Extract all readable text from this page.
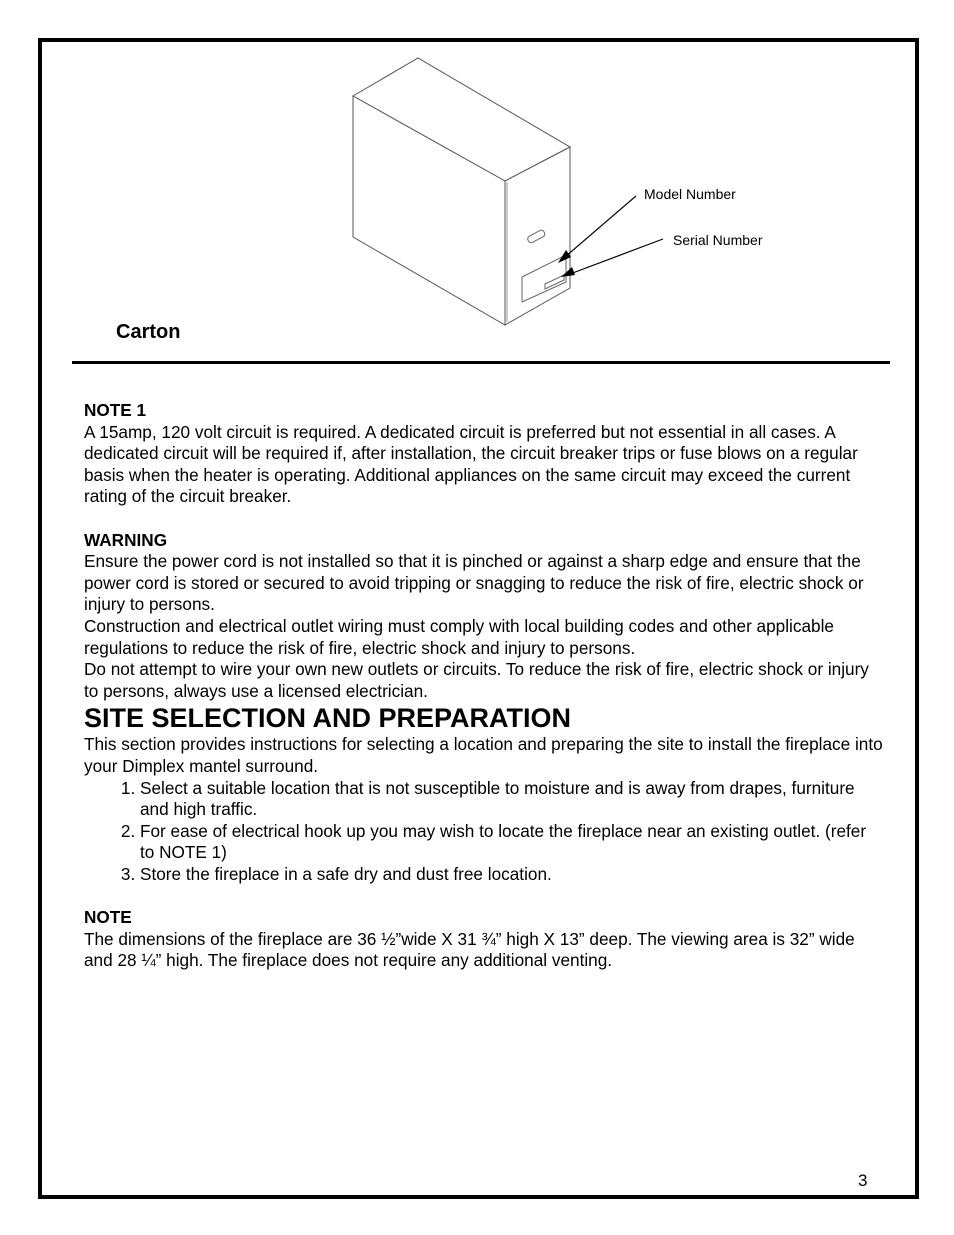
Model Number
Serial Number
Carton

NOTE 1

A 15amp, 120 volt circuit is required. A dedicated circuit is preferred but not essential in all cases. A dedicated circuit will be required if, after installation, the circuit breaker trips or fuse blows on a regular basis when the heater is operating. Additional appliances on the same circuit may exceed the current rating of the circuit breaker.

WARNING

Ensure the power cord is not installed so that it is pinched or against a sharp edge and ensure that the power cord is stored or secured to avoid tripping or snagging to reduce the risk of fire, electric shock or injury to persons.

Construction and electrical outlet wiring must comply with local building codes and other applicable regulations to reduce the risk of fire, electric shock and injury to persons.

Do not attempt to wire your own new outlets or circuits. To reduce the risk of fire, electric shock or injury to persons, always use a licensed electrician.

SITE SELECTION AND PREPARATION

This section provides instructions for selecting a location and preparing the site to install the fireplace into your Dimplex mantel surround.

1. Select a suitable location that is not susceptible to moisture and is away from drapes, furniture and high traffic.
2. For ease of electrical hook up you may wish to locate the fireplace near an existing outlet. (refer to NOTE 1)
3. Store the fireplace in a safe dry and dust free location.

NOTE

The dimensions of the fireplace are 36 ½”wide X 31 ¾” high X 13” deep. The viewing area is 32” wide and 28 ¼” high. The fireplace does not require any additional venting.

3
